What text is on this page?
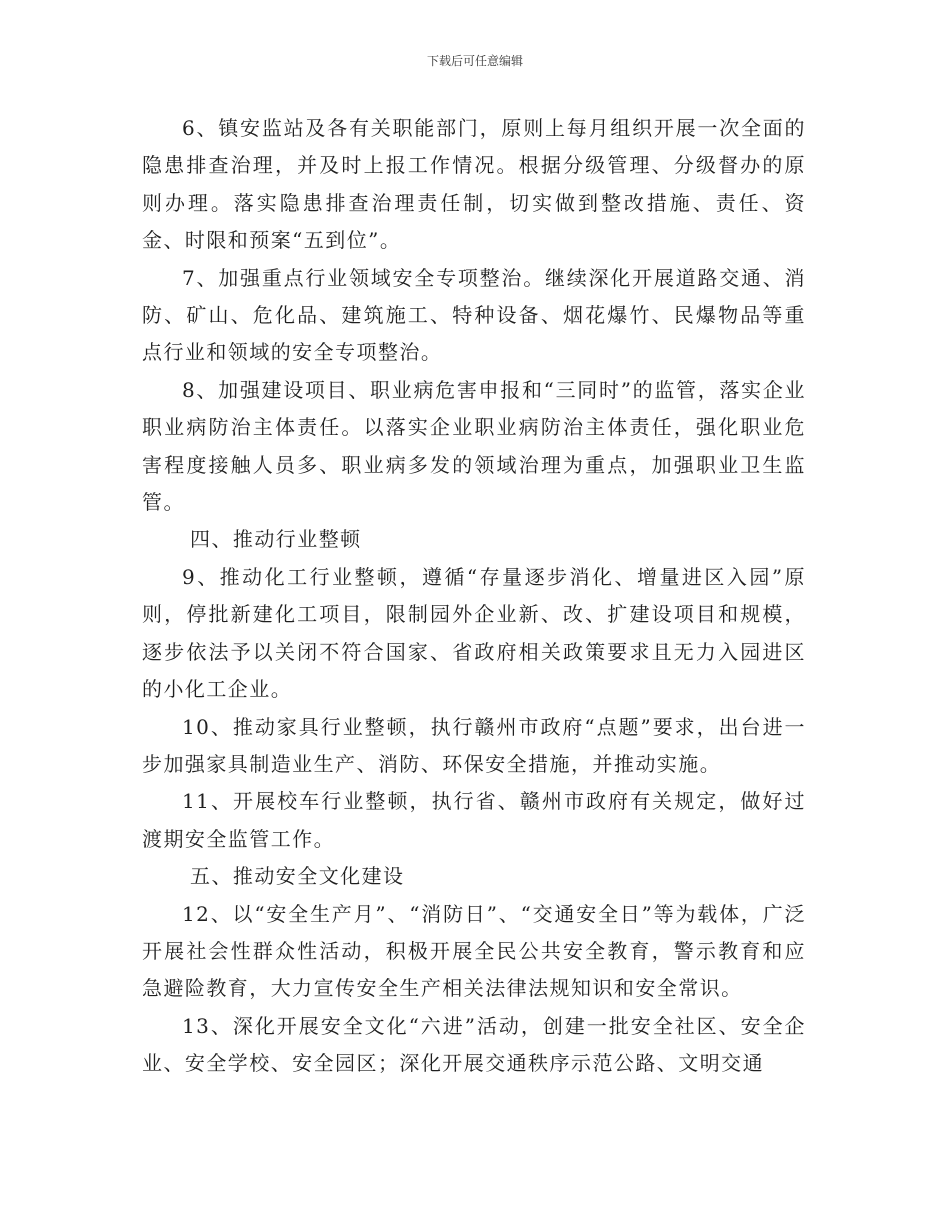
下载后可任意编辑

6、镇安监站及各有关职能部门，原则上每月组织开展一次全面的隐患排查治理，并及时上报工作情况。根据分级管理、分级督办的原则办理。落实隐患排查治理责任制，切实做到整改措施、责任、资金、时限和预案“五到位”。

7、加强重点行业领域安全专项整治。继续深化开展道路交通、消防、矿山、危化品、建筑施工、特种设备、烟花爆竹、民爆物品等重点行业和领域的安全专项整治。

8、加强建设项目、职业病危害申报和“三同时”的监管，落实企业职业病防治主体责任。以落实企业职业病防治主体责任，强化职业危害程度接触人员多、职业病多发的领域治理为重点，加强职业卫生监管。

四、推动行业整顿

9、推动化工行业整顿，遵循“存量逐步消化、增量进区入园”原则，停批新建化工项目，限制园外企业新、改、扩建设项目和规模，逐步依法予以关闭不符合国家、省政府相关政策要求且无力入园进区的小化工企业。

10、推动家具行业整顿，执行赣州市政府“点题”要求，出台进一步加强家具制造业生产、消防、环保安全措施，并推动实施。

11、开展校车行业整顿，执行省、赣州市政府有关规定，做好过渡期安全监管工作。

五、推动安全文化建设

12、以“安全生产月”、“消防日”、“交通安全日”等为载体，广泛开展社会性群众性活动，积极开展全民公共安全教育，警示教育和应急避险教育，大力宣传安全生产相关法律法规知识和安全常识。

13、深化开展安全文化“六进”活动，创建一批安全社区、安全企业、安全学校、安全园区；深化开展交通秩序示范公路、文明交通
